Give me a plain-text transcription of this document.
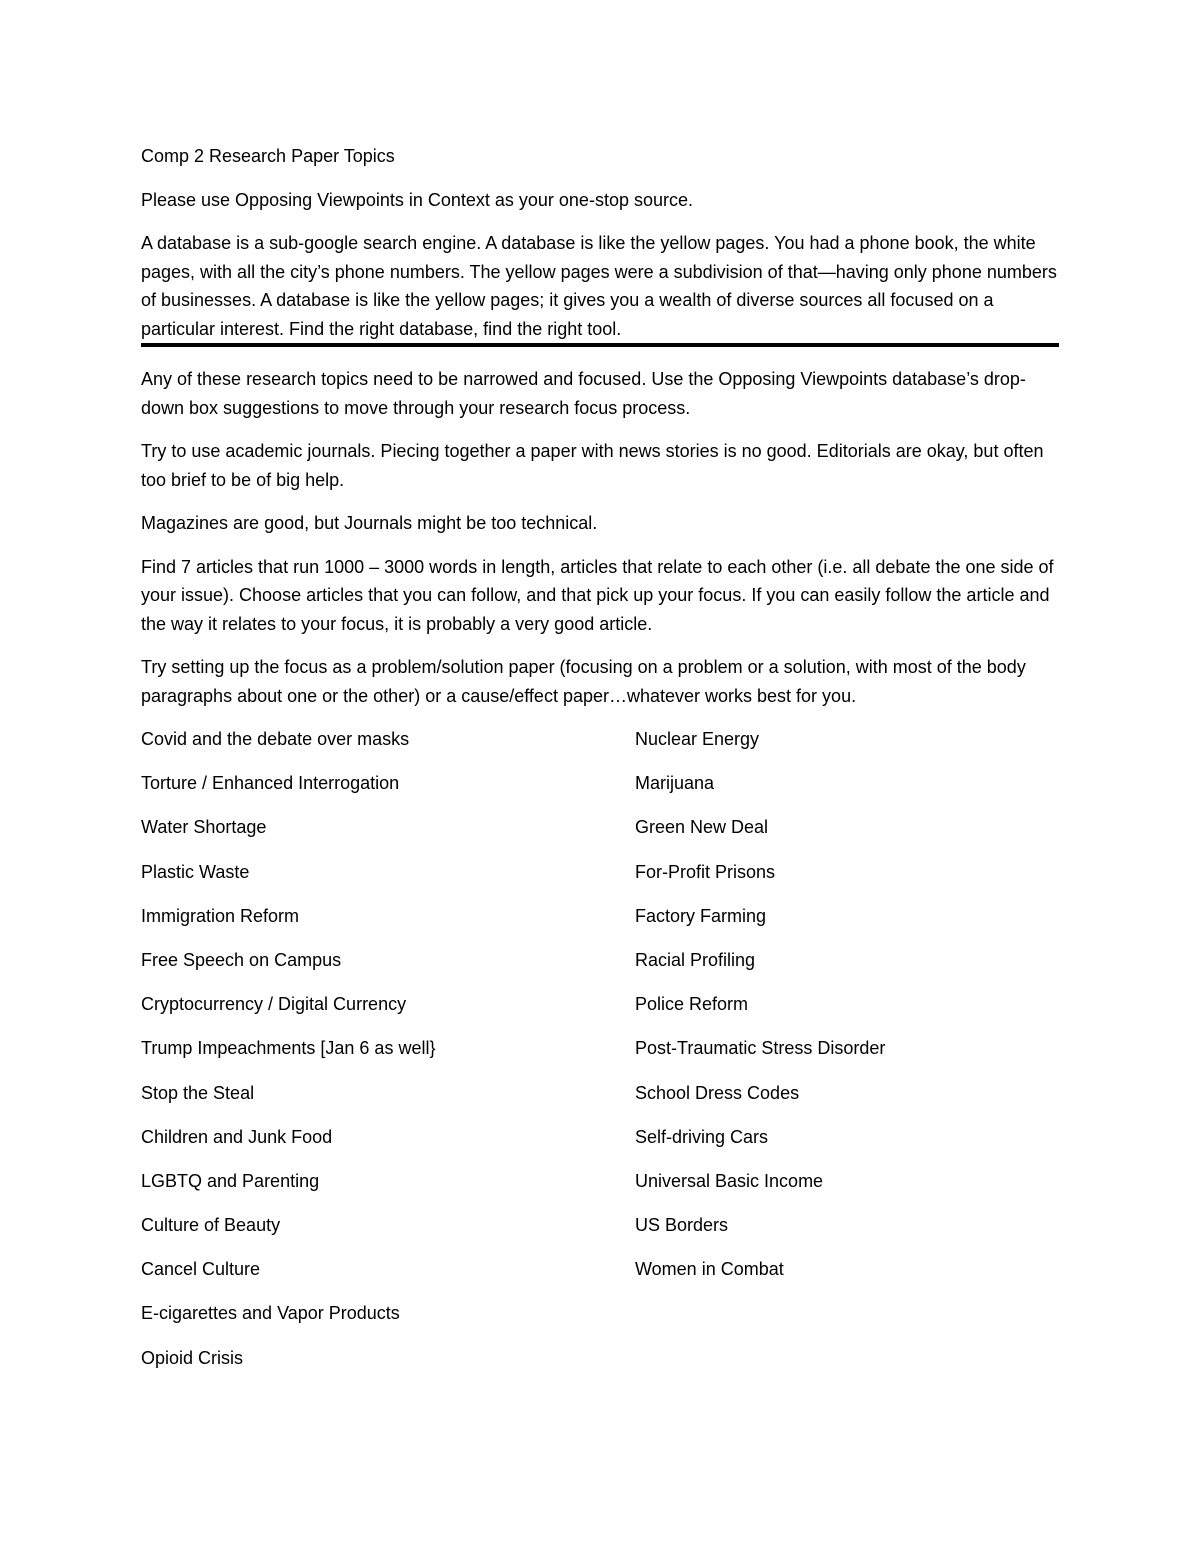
Comp 2 Research Paper Topics

Please use Opposing Viewpoints in Context as your one-stop source.

A database is a sub-google search engine. A database is like the yellow pages. You had a phone book, the white pages, with all the city’s phone numbers. The yellow pages were a subdivision of that—having only phone numbers of businesses. A database is like the yellow pages; it gives you a wealth of diverse sources all focused on a particular interest. Find the right database, find the right tool.

Any of these research topics need to be narrowed and focused. Use the Opposing Viewpoints database’s drop-down box suggestions to move through your research focus process.

Try to use academic journals. Piecing together a paper with news stories is no good. Editorials are okay, but often too brief to be of big help.

Magazines are good, but Journals might be too technical.

Find 7 articles that run 1000 – 3000 words in length, articles that relate to each other (i.e. all debate the one side of your issue). Choose articles that you can follow, and that pick up your focus. If you can easily follow the article and the way it relates to your focus, it is probably a very good article.

Try setting up the focus as a problem/solution paper (focusing on a problem or a solution, with most of the body paragraphs about one or the other) or a cause/effect paper…whatever works best for you.

Covid and the debate over masks
Torture / Enhanced Interrogation
Water Shortage
Plastic Waste
Immigration Reform
Free Speech on Campus
Cryptocurrency / Digital Currency
Trump Impeachments [Jan 6 as well}
Stop the Steal
Children and Junk Food
LGBTQ and Parenting
Culture of Beauty
Cancel Culture
E-cigarettes and Vapor Products
Opioid Crisis
Nuclear Energy
Marijuana
Green New Deal
For-Profit Prisons
Factory Farming
Racial Profiling
Police Reform
Post-Traumatic Stress Disorder
School Dress Codes
Self-driving Cars
Universal Basic Income
US Borders
Women in Combat
